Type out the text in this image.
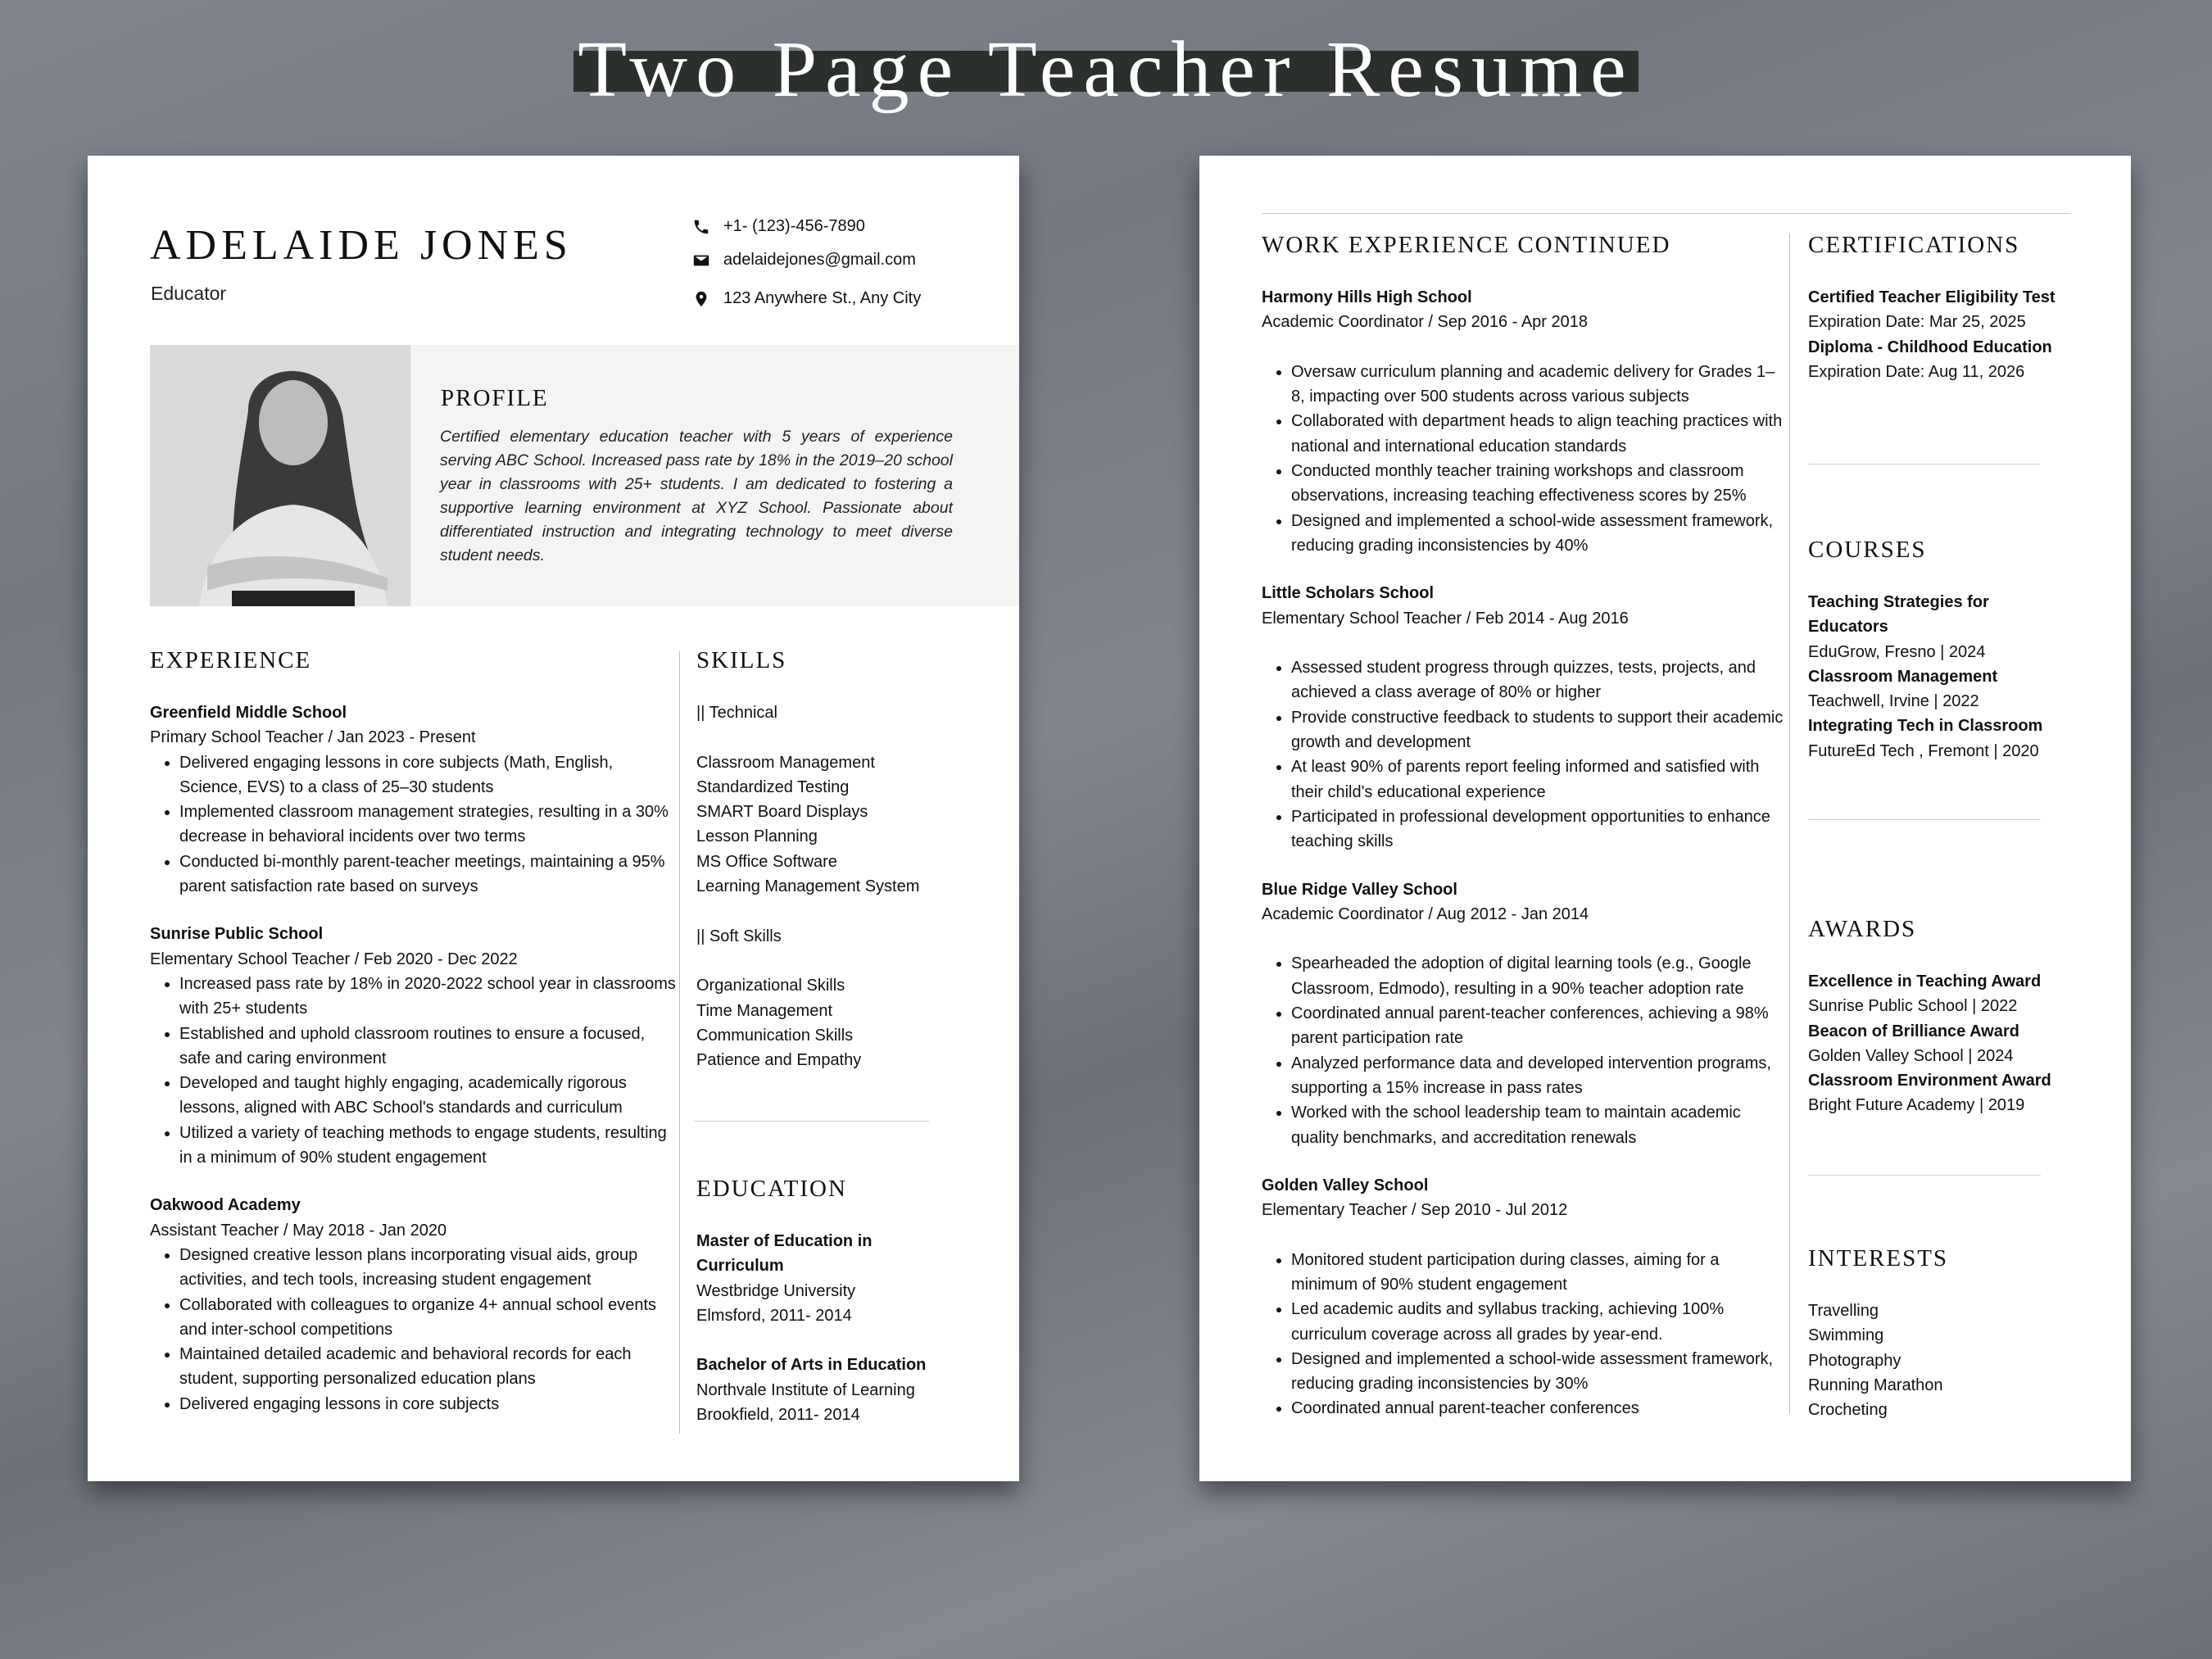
Two Page Teacher Resume
ADELAIDE JONES
Educator
+1- (123)-456-7890
adelaidejones@gmail.com
123 Anywhere St., Any City
PROFILE
Certified elementary education teacher with 5 years of experience serving ABC School. Increased pass rate by 18% in the 2019–20 school year in classrooms with 25+ students. I am dedicated to fostering a supportive learning environment at XYZ School. Passionate about differentiated instruction and integrating technology to meet diverse student needs.
EXPERIENCE
Greenfield Middle School
Primary School Teacher / Jan 2023 - Present
• Delivered engaging lessons in core subjects (Math, English, Science, EVS) to a class of 25–30 students
• Implemented classroom management strategies, resulting in a 30% decrease in behavioral incidents over two terms
• Conducted bi-monthly parent-teacher meetings, maintaining a 95% parent satisfaction rate based on surveys
Sunrise Public School
Elementary School Teacher / Feb 2020 - Dec 2022
• Increased pass rate by 18% in 2020-2022 school year in classrooms with 25+ students
• Established and uphold classroom routines to ensure a focused, safe and caring environment
• Developed and taught highly engaging, academically rigorous lessons, aligned with ABC School's standards and curriculum
• Utilized a variety of teaching methods to engage students, resulting in a minimum of 90% student engagement
Oakwood Academy
Assistant Teacher / May 2018 - Jan 2020
• Designed creative lesson plans incorporating visual aids, group activities, and tech tools, increasing student engagement
• Collaborated with colleagues to organize 4+ annual school events and inter-school competitions
• Maintained detailed academic and behavioral records for each student, supporting personalized education plans
• Delivered engaging lessons in core subjects
SKILLS

|| Technical

Classroom Management

Standardized Testing

SMART Board Displays

Lesson Planning

MS Office Software

Learning Management System

|| Soft Skills

Organizational Skills

Time Management

Communication Skills

Patience and Empathy

EDUCATION
Master of Education in
Curriculum
Westbridge University
Elmsford, 2011- 2014
Bachelor of Arts in Education
Northvale Institute of Learning
Brookfield, 2011- 2014
WORK EXPERIENCE CONTINUED
Harmony Hills High School
Academic Coordinator / Sep 2016 - Apr 2018
• Oversaw curriculum planning and academic delivery for Grades 1–8, impacting over 500 students across various subjects
• Collaborated with department heads to align teaching practices with national and international education standards
• Conducted monthly teacher training workshops and classroom observations, increasing teaching effectiveness scores by 25%
• Designed and implemented a school-wide assessment framework, reducing grading inconsistencies by 40%
Little Scholars School
Elementary School Teacher / Feb 2014 - Aug 2016
• Assessed student progress through quizzes, tests, projects, and achieved a class average of 80% or higher
• Provide constructive feedback to students to support their academic growth and development
• At least 90% of parents report feeling informed and satisfied with their child's educational experience
• Participated in professional development opportunities to enhance teaching skills
Blue Ridge Valley School
Academic Coordinator / Aug 2012 - Jan 2014
• Spearheaded the adoption of digital learning tools (e.g., Google Classroom, Edmodo), resulting in a 90% teacher adoption rate
• Coordinated annual parent-teacher conferences, achieving a 98% parent participation rate
• Analyzed performance data and developed intervention programs, supporting a 15% increase in pass rates
• Worked with the school leadership team to maintain academic quality benchmarks, and accreditation renewals
Golden Valley School
Elementary Teacher / Sep 2010 - Jul 2012
• Monitored student participation during classes, aiming for a minimum of 90% student engagement
• Led academic audits and syllabus tracking, achieving 100% curriculum coverage across all grades by year-end.
• Designed and implemented a school-wide assessment framework, reducing grading inconsistencies by 30%
• Coordinated annual parent-teacher conferences
CERTIFICATIONS
Certified Teacher Eligibility Test
Expiration Date: Mar 25, 2025
Diploma - Childhood Education
Expiration Date: Aug 11, 2026
COURSES
Teaching Strategies for
Educators
EduGrow, Fresno | 2024
Classroom Management
Teachwell, Irvine | 2022
Integrating Tech in Classroom
FutureEd Tech , Fremont | 2020
AWARDS
Excellence in Teaching Award
Sunrise Public School | 2022
Beacon of Brilliance Award
Golden Valley School | 2024
Classroom Environment Award
Bright Future Academy | 2019
INTERESTS
Travelling
Swimming
Photography
Running Marathon
Crocheting
